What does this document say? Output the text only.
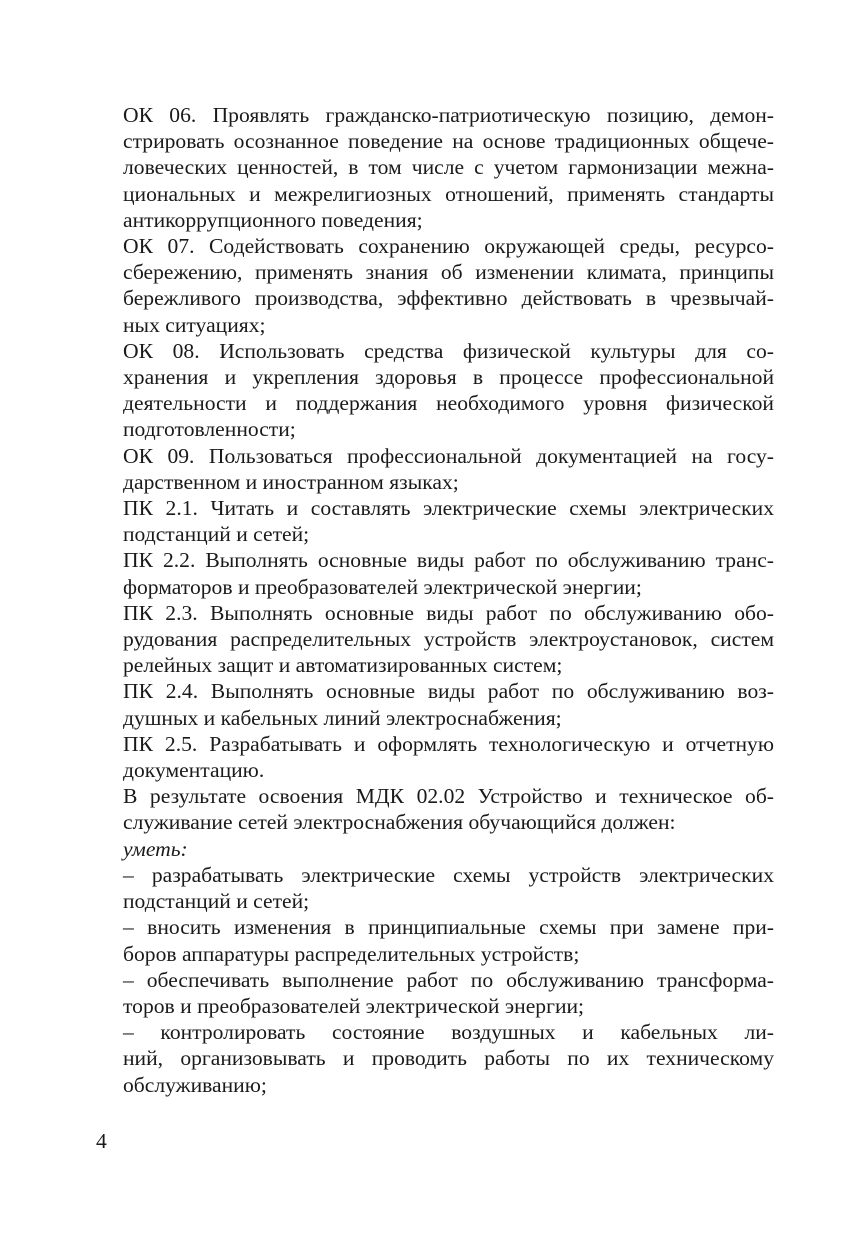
ОК 06. Проявлять гражданско-патриотическую позицию, демон-
стрировать осознанное поведение на основе традиционных общече-
ловеческих ценностей, в том числе с учетом гармонизации межна-
циональных и межрелигиозных отношений, применять стандарты
антикоррупционного поведения;

ОК 07. Содействовать сохранению окружающей среды, ресурсо-
сбережению, применять знания об изменении климата, принципы
бережливого производства, эффективно действовать в чрезвычай-
ных ситуациях;

ОК 08. Использовать средства физической культуры для со-
хранения и укрепления здоровья в процессе профессиональной
деятельности и поддержания необходимого уровня физической
подготовленности;

ОК 09. Пользоваться профессиональной документацией на госу-
дарственном и иностранном языках;

ПК 2.1. Читать и составлять электрические схемы электрических
подстанций и сетей;

ПК 2.2. Выполнять основные виды работ по обслуживанию транс-
форматоров и преобразователей электрической энергии;

ПК 2.3. Выполнять основные виды работ по обслуживанию обо-
рудования распределительных устройств электроустановок, систем
релейных защит и автоматизированных систем;

ПК 2.4. Выполнять основные виды работ по обслуживанию воз-
душных и кабельных линий электроснабжения;

ПК 2.5. Разрабатывать и оформлять технологическую и отчетную
документацию.

В результате освоения МДК 02.02 Устройство и техническое об-
служивание сетей электроснабжения обучающийся должен:

уметь:

– разрабатывать электрические схемы устройств электрических
подстанций и сетей;

– вносить изменения в принципиальные схемы при замене при-
боров аппаратуры распределительных устройств;

– обеспечивать выполнение работ по обслуживанию трансформа-
торов и преобразователей электрической энергии;

– контролировать состояние воздушных и кабельных ли-
ний, организовывать и проводить работы по их техническому
обслуживанию;

4
